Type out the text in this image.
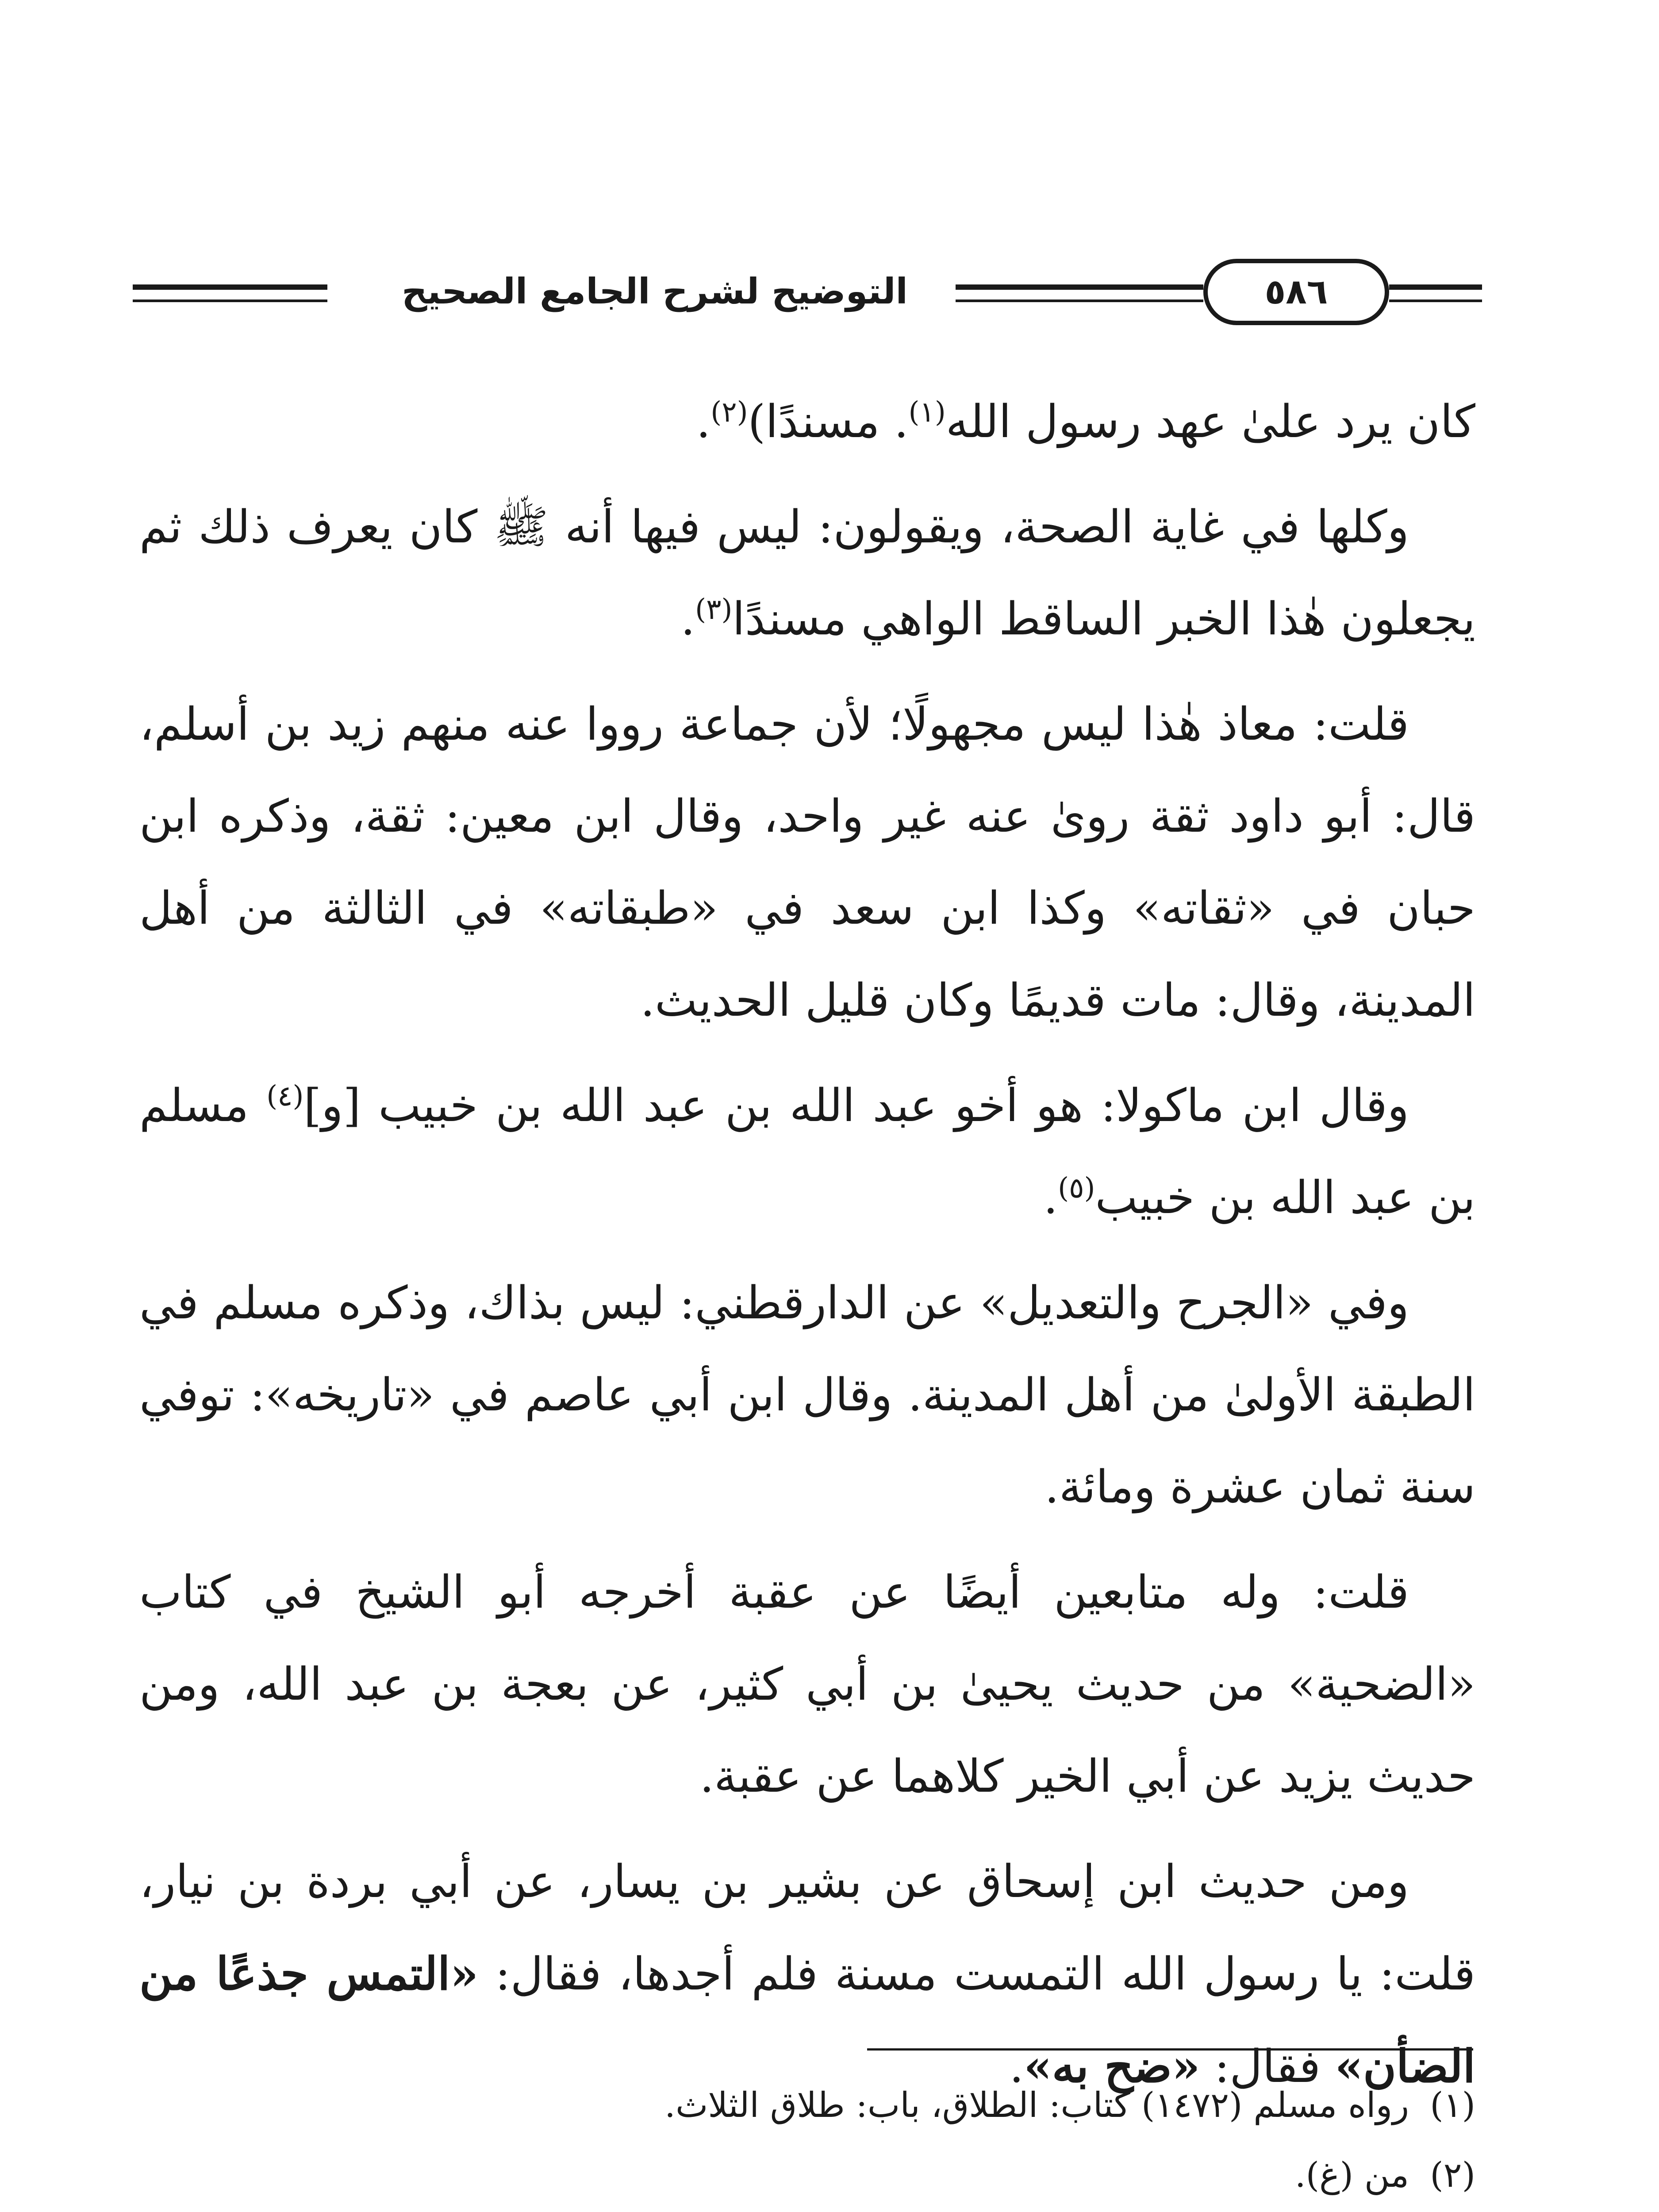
التوضيح لشرح الجامع الصحيح	٥٨٦

كان يرد علىٰ عهد رسول الله$^{(١)}$. مسندًا)$^{(٢)}$.

وكلها في غاية الصحة، ويقولون: ليس فيها أنه ﷺ كان يعرف ذلك ثم يجعلون هٰذا الخبر الساقط الواهي مسندًا$^{(٣)}$.

قلت: معاذ هٰذا ليس مجهولًا؛ لأن جماعة رووا عنه منهم زيد بن أسلم، قال: أبو داود ثقة روىٰ عنه غير واحد، وقال ابن معين: ثقة، وذكره ابن حبان في «ثقاته» وكذا ابن سعد في «طبقاته» في الثالثة من أهل المدينة، وقال: مات قديمًا وكان قليل الحديث.

وقال ابن ماكولا: هو أخو عبد الله بن عبد الله بن خبيب [و]$^{(٤)}$ مسلم بن عبد الله بن خبيب$^{(٥)}$.

وفي «الجرح والتعديل» عن الدارقطني: ليس بذاك، وذكره مسلم في الطبقة الأولىٰ من أهل المدينة. وقال ابن أبي عاصم في «تاريخه»: توفي سنة ثمان عشرة ومائة.

قلت: وله متابعين أيضًا عن عقبة أخرجه أبو الشيخ في كتاب «الضحية» من حديث يحيىٰ بن أبي كثير، عن بعجة بن عبد الله، ومن حديث يزيد عن أبي الخير كلاهما عن عقبة.

ومن حديث ابن إسحاق عن بشير بن يسار، عن أبي بردة بن نيار، قلت: يا رسول الله التمست مسنة فلم أجدها، فقال: «التمس جذعًا من الضأن» فقال: «ضح به».

(١)رواه مسلم (١٤٧٢) كتاب: الطلاق، باب: طلاق الثلاث.
(٢)من (غ).
